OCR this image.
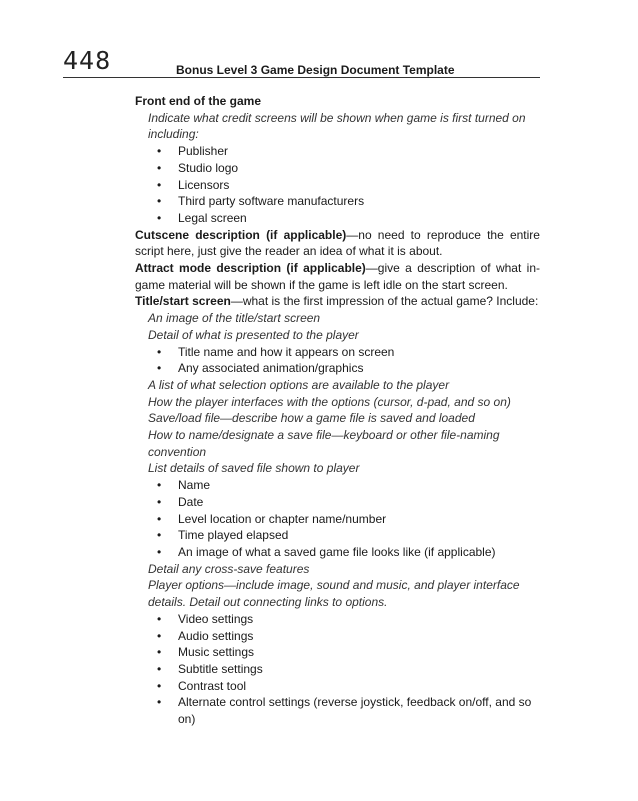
448	Bonus Level 3 Game Design Document Template

Front end of the game

Indicate what credit screens will be shown when game is first turned on including:

• Publisher
• Studio logo
• Licensors
• Third party software manufacturers
• Legal screen

Cutscene description (if applicable)—no need to reproduce the entire script here, just give the reader an idea of what it is about.

Attract mode description (if applicable)—give a description of what in-game material will be shown if the game is left idle on the start screen.

Title/start screen—what is the first impression of the actual game? Include:

An image of the title/start screen

Detail of what is presented to the player

• Title name and how it appears on screen
• Any associated animation/graphics

A list of what selection options are available to the player

How the player interfaces with the options (cursor, d-pad, and so on)

Save/load file—describe how a game file is saved and loaded

How to name/designate a save file—keyboard or other file-naming convention

List details of saved file shown to player

• Name
• Date
• Level location or chapter name/number
• Time played elapsed
• An image of what a saved game file looks like (if applicable)

Detail any cross-save features

Player options—include image, sound and music, and player interface details. Detail out connecting links to options.

• Video settings
• Audio settings
• Music settings
• Subtitle settings
• Contrast tool
• Alternate control settings (reverse joystick, feedback on/off, and so on)
